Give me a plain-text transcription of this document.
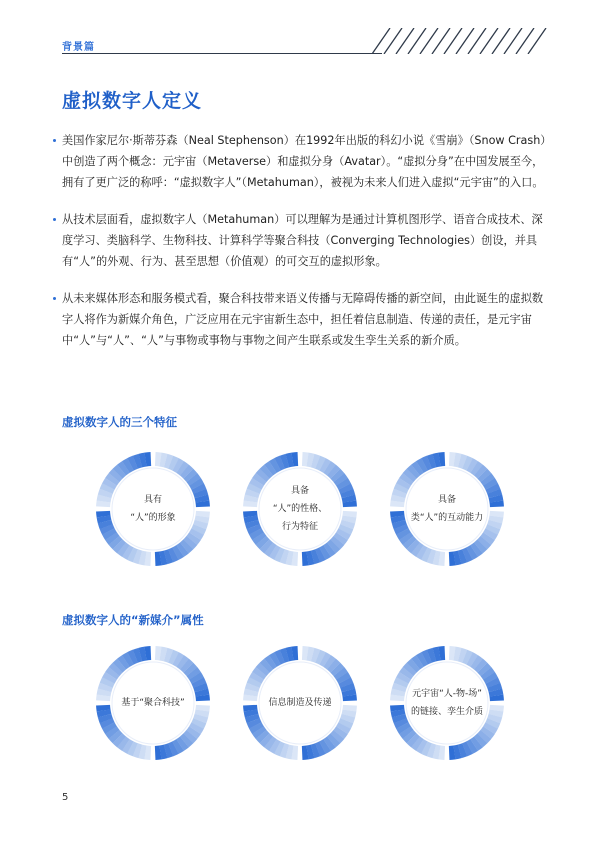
背景篇
虚拟数字人定义
美国作家尼尔·斯蒂芬森（Neal Stephenson）在1992年出版的科幻小说《雪崩》（Snow Crash）中创造了两个概念：元宇宙（Metaverse）和虚拟分身（Avatar）。“虚拟分身”在中国发展至今，拥有了更广泛的称呼：“虚拟数字人”（Metahuman），被视为未来人们进入虚拟“元宇宙”的入口。
从技术层面看，虚拟数字人（Metahuman）可以理解为是通过计算机图形学、语音合成技术、深度学习、类脑科学、生物科技、计算科学等聚合科技（Converging Technologies）创设，并具有“人”的外观、行为、甚至思想（价值观）的可交互的虚拟形象。
从未来媒体形态和服务模式看，聚合科技带来语义传播与无障碍传播的新空间，由此诞生的虚拟数字人将作为新媒介角色，广泛应用在元宇宙新生态中，担任着信息制造、传递的责任，是元宇宙中“人”与“人”、“人”与事物或事物与事物之间产生联系或发生孪生关系的新介质。
虚拟数字人的三个特征
具有
“人”的形象
具备
“人”的性格、
行为特征
具备
类“人”的互动能力
虚拟数字人的“新媒介”属性
基于“聚合科技”	信息制造及传递
元宇宙“人-物-场”
的链接、孪生介质
5
